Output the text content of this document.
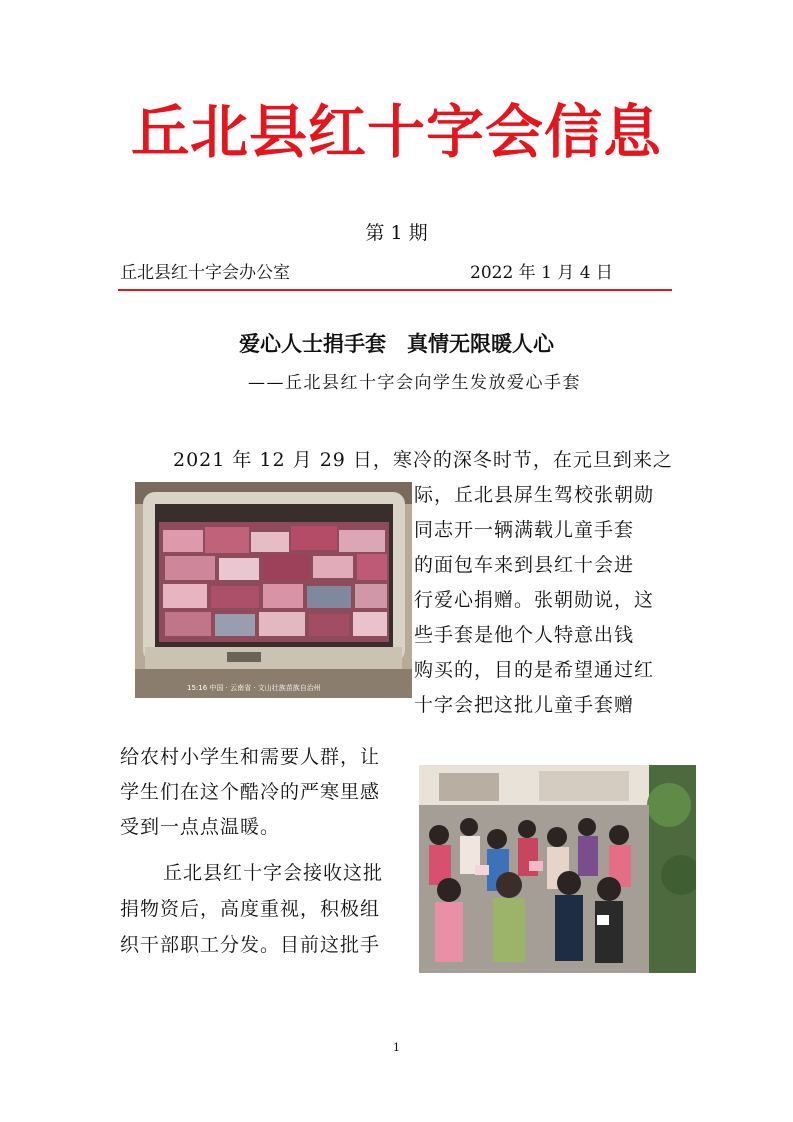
丘北县红十字会信息
第 1 期
丘北县红十字会办公室	2022 年 1 月 4 日
爱心人士捐手套　真情无限暖人心
——丘北县红十字会向学生发放爱心手套

2021 年 12 月 29 日，寒冷的深冬时节，在元旦到来之

际，丘北县屏生驾校张朝勋

同志开一辆满载儿童手套

的面包车来到县红十会进

行爱心捐赠。张朝勋说，这

些手套是他个人特意出钱

购买的，目的是希望通过红

十字会把这批儿童手套赠

给农村小学生和需要人群，让

学生们在这个酷冷的严寒里感

受到一点点温暖。

丘北县红十字会接收这批

捐物资后，高度重视，积极组

织干部职工分发。目前这批手

15:16 中国 · 云南省 · 文山壮族苗族自治州
1
